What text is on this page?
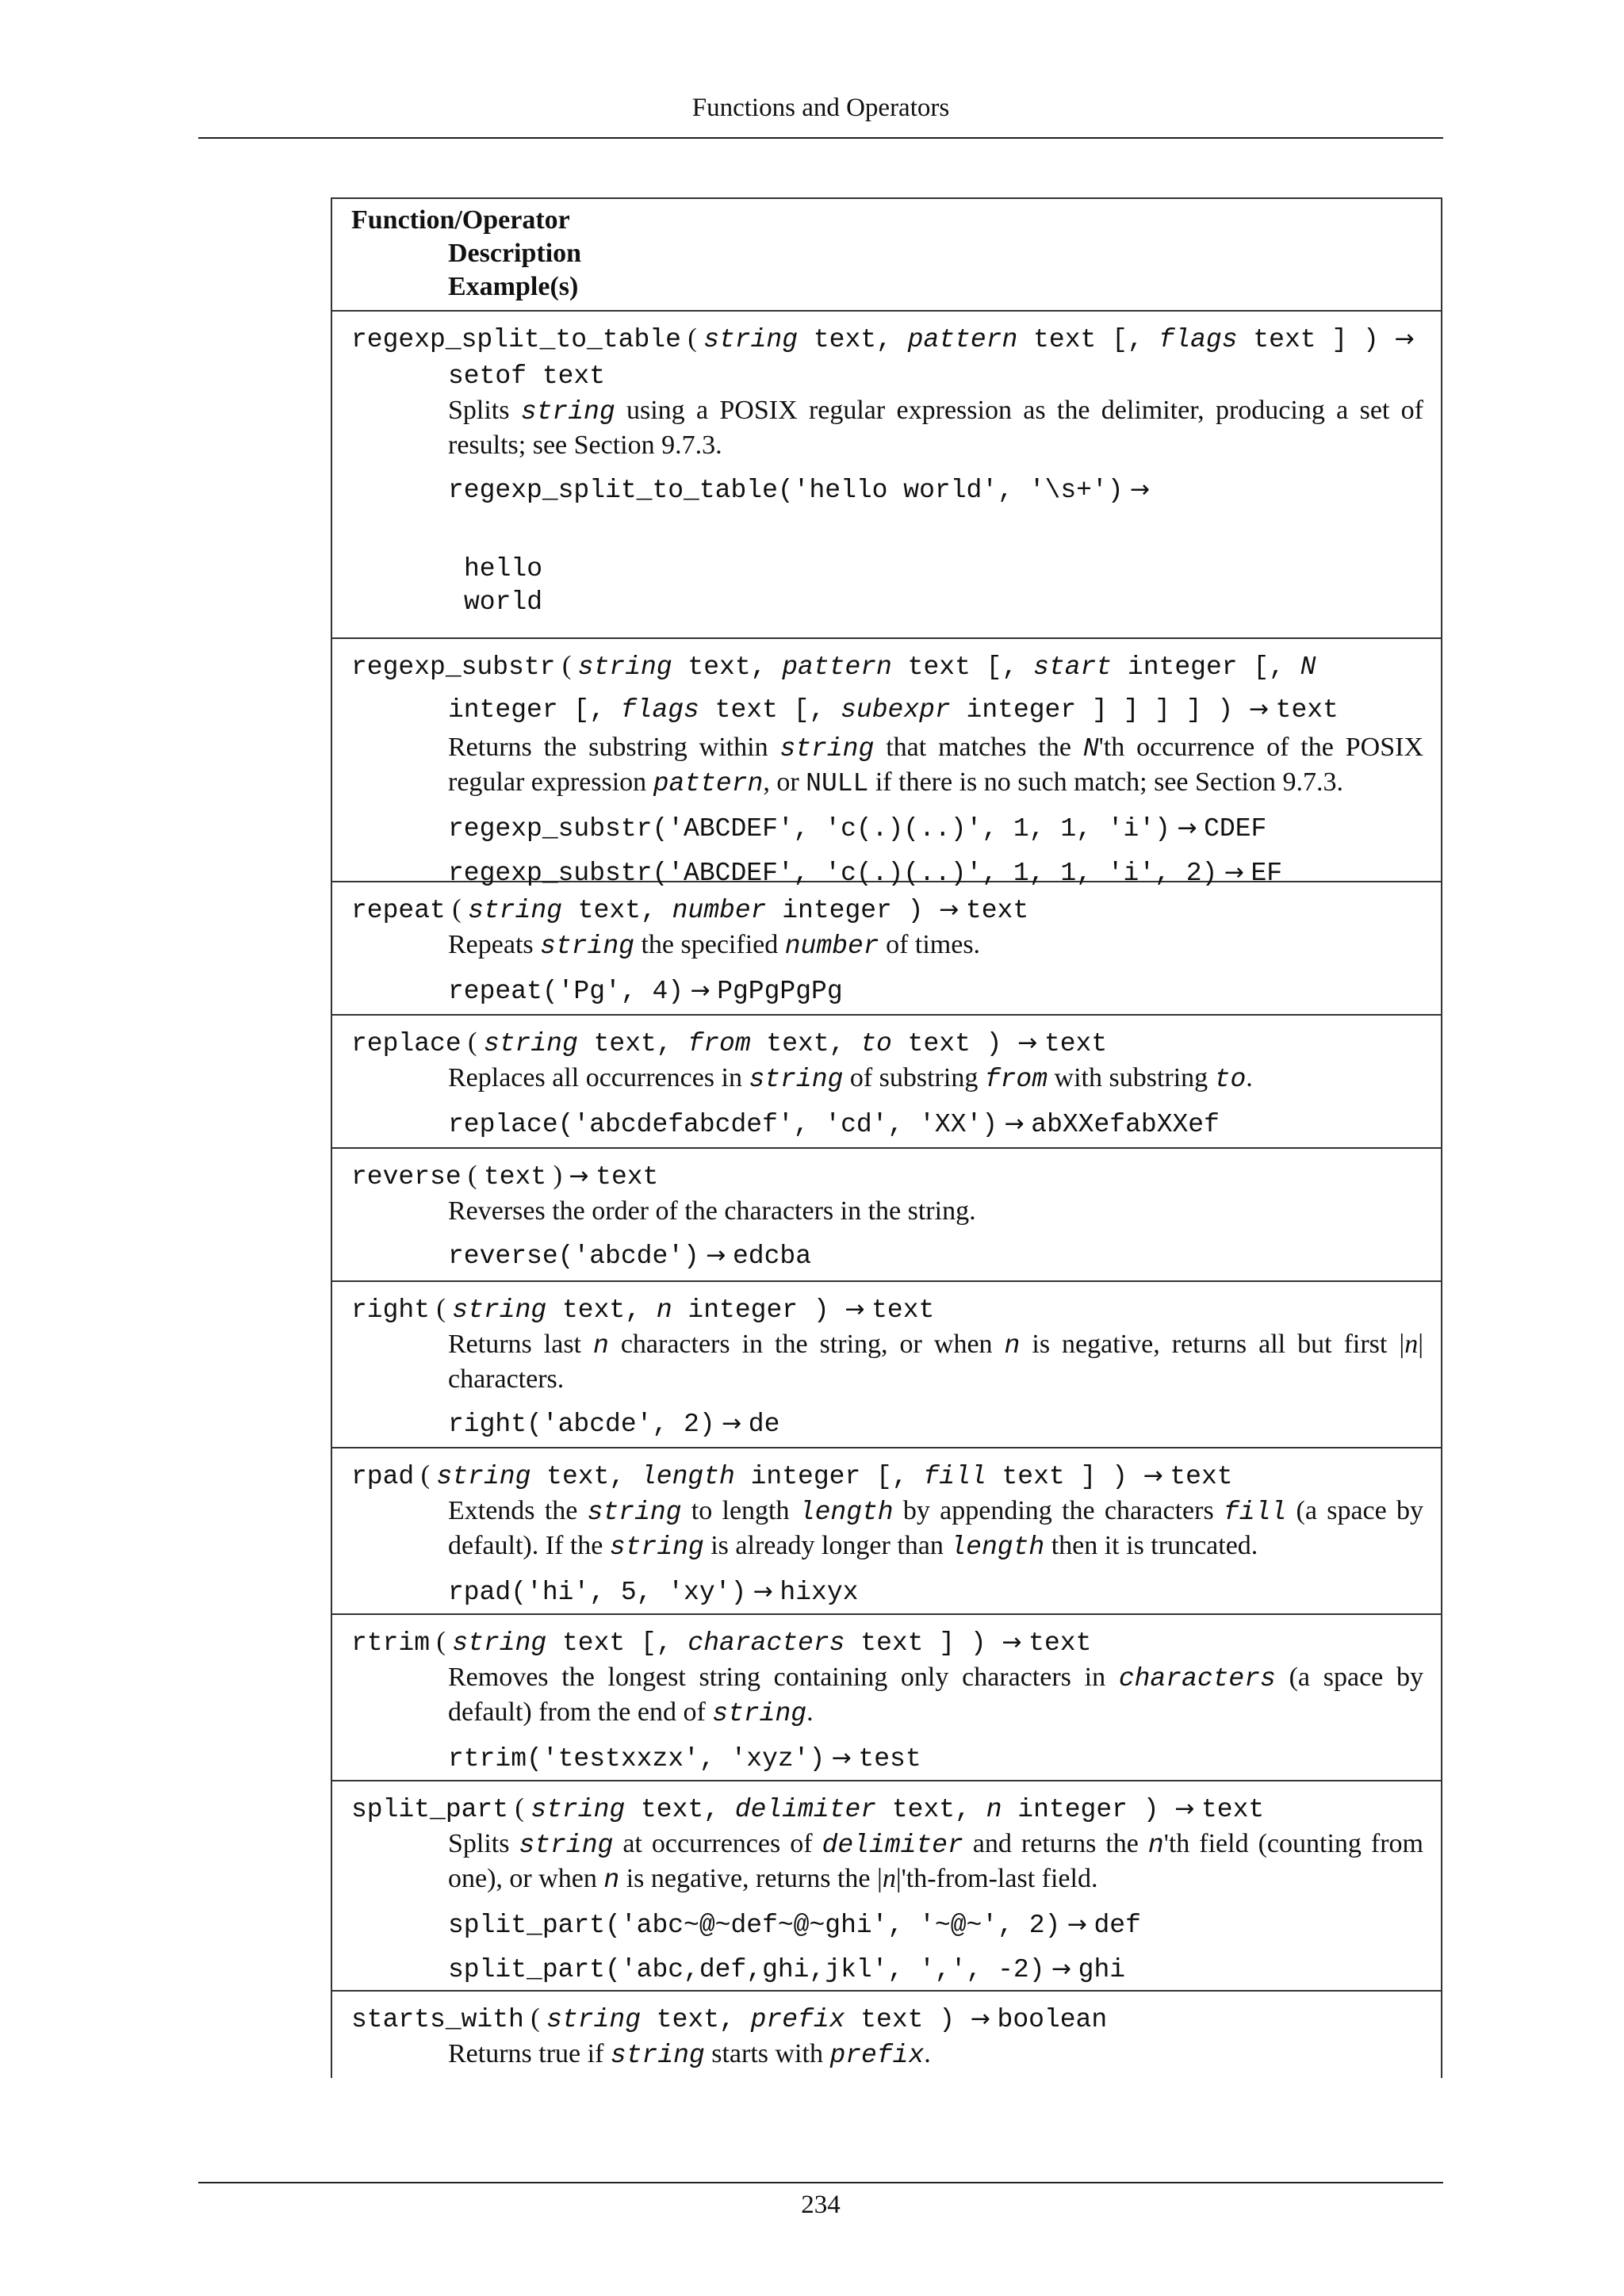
Functions and Operators
Function/Operator
Description
Example(s)
regexp_split_to_table ( string text, pattern text [, flags text ] ) →
setof text
Splits string using a POSIX regular expression as the delimiter, producing a set of results; see Section 9.7.3.
regexp_split_to_table('hello world', '\s+') →
hello
world
regexp_substr ( string text, pattern text [, start integer [, N integer [, flags text [, subexpr integer ] ] ] ] ) → text
Returns the substring within string that matches the N'th occurrence of the POSIX regular expression pattern, or NULL if there is no such match; see Section 9.7.3.
regexp_substr('ABCDEF', 'c(.)(..)', 1, 1, 'i') → CDEF
regexp_substr('ABCDEF', 'c(.)(..)', 1, 1, 'i', 2) → EF
repeat ( string text, number integer ) → text
Repeats string the specified number of times.
repeat('Pg', 4) → PgPgPgPg
replace ( string text, from text, to text ) → text
Replaces all occurrences in string of substring from with substring to.
replace('abcdefabcdef', 'cd', 'XX') → abXXefabXXef
reverse ( text ) → text
Reverses the order of the characters in the string.
reverse('abcde') → edcba
right ( string text, n integer ) → text
Returns last n characters in the string, or when n is negative, returns all but first |n| characters.
right('abcde', 2) → de
rpad ( string text, length integer [, fill text ] ) → text
Extends the string to length length by appending the characters fill (a space by default). If the string is already longer than length then it is truncated.
rpad('hi', 5, 'xy') → hixyx
rtrim ( string text [, characters text ] ) → text
Removes the longest string containing only characters in characters (a space by default) from the end of string.
rtrim('testxxzx', 'xyz') → test
split_part ( string text, delimiter text, n integer ) → text
Splits string at occurrences of delimiter and returns the n'th field (counting from one), or when n is negative, returns the |n|'th-from-last field.
split_part('abc~@~def~@~ghi', '~@~', 2) → def
split_part('abc,def,ghi,jkl', ',', -2) → ghi
starts_with ( string text, prefix text ) → boolean
Returns true if string starts with prefix.
234
